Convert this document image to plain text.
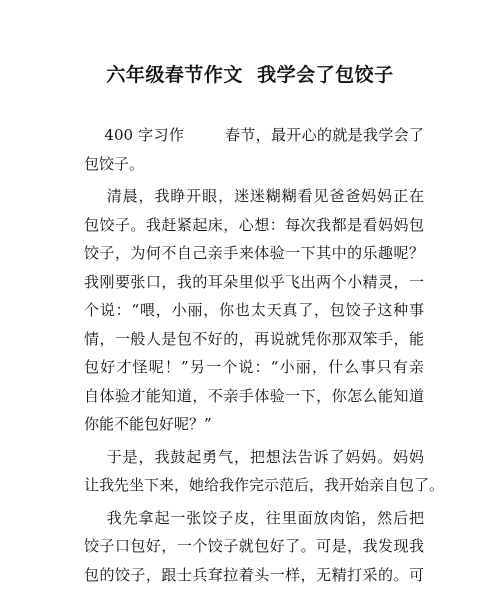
六年级春节作文  我学会了包饺子
400 字习作        春节，最开心的就是我学会了
包饺子。
清晨，我睁开眼，迷迷糊糊看见爸爸妈妈正在
包饺子。我赶紧起床，心想：每次我都是看妈妈包
饺子，为何不自己亲手来体验一下其中的乐趣呢？
我刚要张口，我的耳朵里似乎飞出两个小精灵，一
个说：“喂，小丽，你也太天真了，包饺子这种事
情，一般人是包不好的，再说就凭你那双笨手，能
包好才怪呢！”另一个说：“小丽，什么事只有亲
自体验才能知道，不亲手体验一下，你怎么能知道
你能不能包好呢？”
于是，我鼓起勇气，把想法告诉了妈妈。妈妈
让我先坐下来，她给我作完示范后，我开始亲自包了。
我先拿起一张饺子皮，往里面放肉馅，然后把
饺子口包好，一个饺子就包好了。可是，我发现我
包的饺子，跟士兵耷拉着头一样，无精打采的。可
